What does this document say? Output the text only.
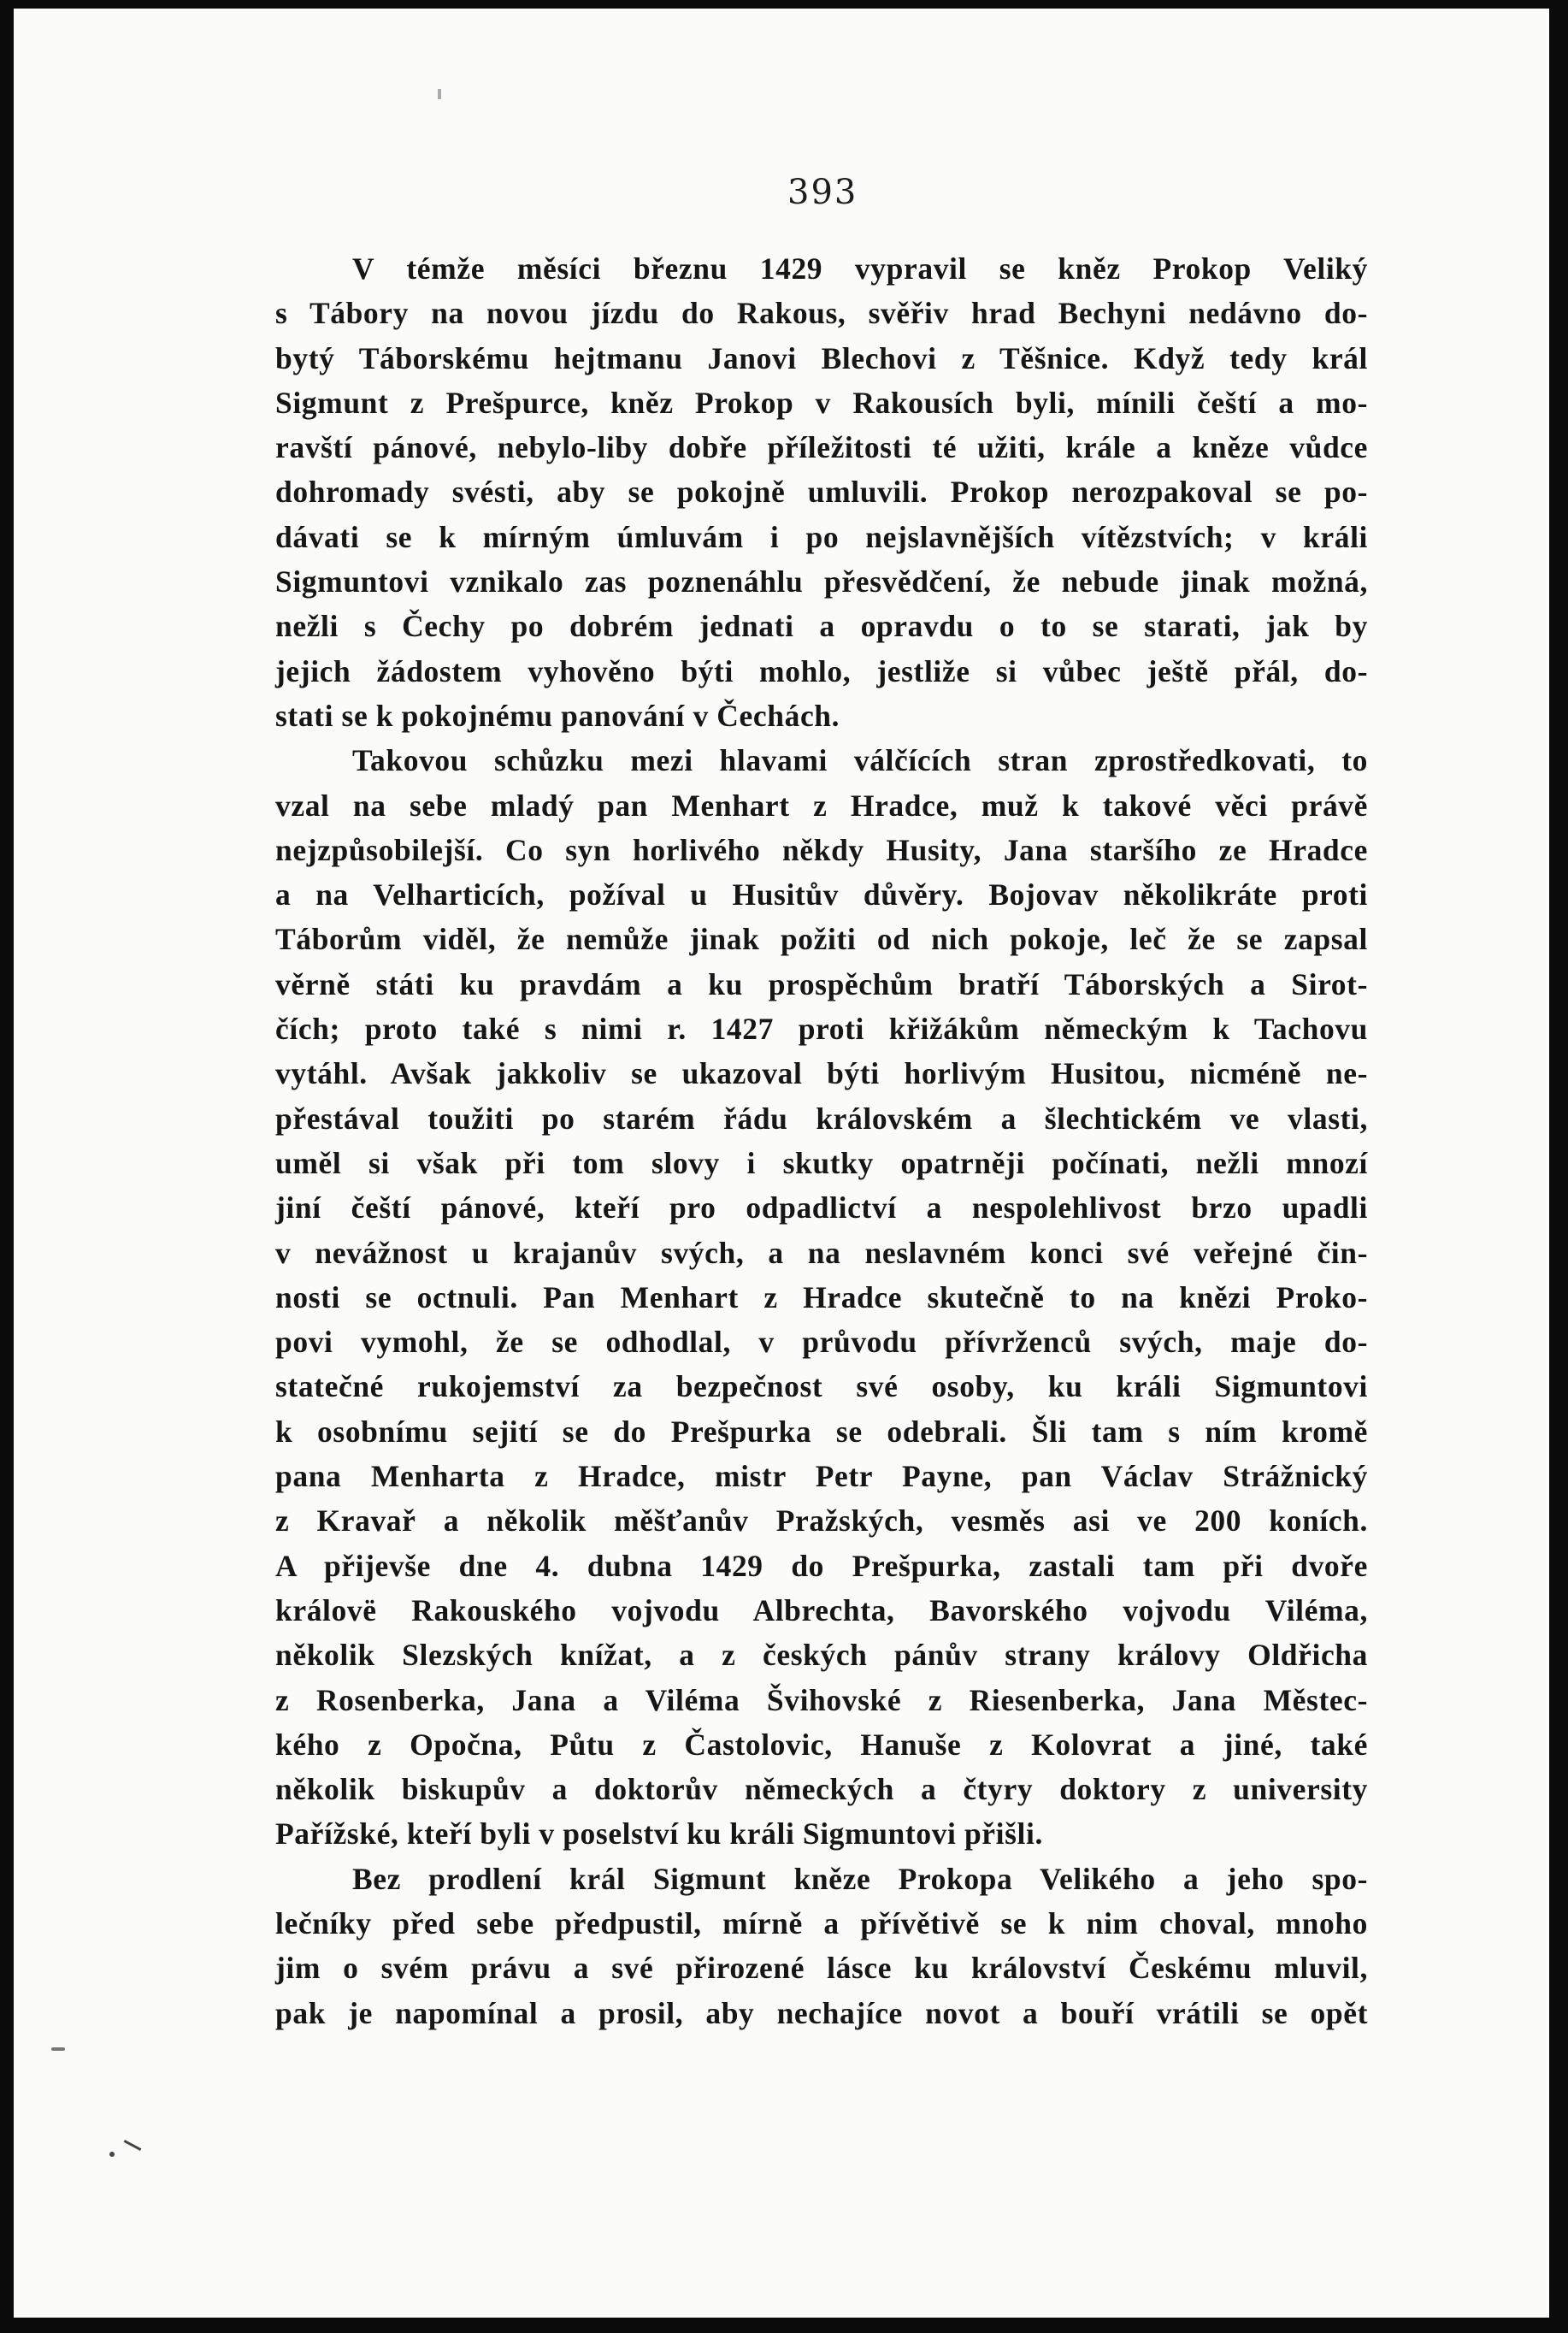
393
V témže měsíci březnu 1429 vypravil se kněz Prokop Veliký
s Tábory na novou jízdu do Rakous, svěřiv hrad Bechyni nedávno do-
bytý Táborskému hejtmanu Janovi Blechovi z Těšnice. Když tedy král
Sigmunt z Prešpurce, kněz Prokop v Rakousích byli, mínili čeští a mo-
ravští pánové, nebylo-liby dobře příležitosti té užiti, krále a kněze vůdce
dohromady svésti, aby se pokojně umluvili. Prokop nerozpakoval se po-
dávati se k mírným úmluvám i po nejslavnějších vítězstvích; v králi
Sigmuntovi vznikalo zas poznenáhlu přesvědčení, že nebude jinak možná,
nežli s Čechy po dobrém jednati a opravdu o to se starati, jak by
jejich žádostem vyhověno býti mohlo, jestliže si vůbec ještě přál, do-
stati se k pokojnému panování v Čechách.
Takovou schůzku mezi hlavami válčících stran zprostředkovati, to
vzal na sebe mladý pan Menhart z Hradce, muž k takové věci právě
nejzpůsobilejší. Co syn horlivého někdy Husity, Jana staršího ze Hradce
a na Velharticích, požíval u Husitův důvěry. Bojovav několikráte proti
Táborům viděl, že nemůže jinak požiti od nich pokoje, leč že se zapsal
věrně státi ku pravdám a ku prospěchům bratří Táborských a Sirot-
čích; proto také s nimi r. 1427 proti křižákům německým k Tachovu
vytáhl. Avšak jakkoliv se ukazoval býti horlivým Husitou, nicméně ne-
přestával toužiti po starém řádu královském a šlechtickém ve vlasti,
uměl si však při tom slovy i skutky opatrněji počínati, nežli mnozí
jiní čeští pánové, kteří pro odpadlictví a nespolehlivost brzo upadli
v nevážnost u krajanův svých, a na neslavném konci své veřejné čin-
nosti se octnuli. Pan Menhart z Hradce skutečně to na knězi Proko-
povi vymohl, že se odhodlal, v průvodu přívrženců svých, maje do-
statečné rukojemství za bezpečnost své osoby, ku králi Sigmuntovi
k osobnímu sejití se do Prešpurka se odebrali. Šli tam s ním kromě
pana Menharta z Hradce, mistr Petr Payne, pan Václav Strážnický
z Kravař a několik měšťanův Pražských, vesměs asi ve 200 koních.
A přijevše dne 4. dubna 1429 do Prešpurka, zastali tam při dvoře
královë Rakouského vojvodu Albrechta, Bavorského vojvodu Viléma,
několik Slezských knížat, a z českých pánův strany královy Oldřicha
z Rosenberka, Jana a Viléma Švihovské z Riesenberka, Jana Městec-
kého z Opočna, Půtu z Častolovic, Hanuše z Kolovrat a jiné, také
několik biskupův a doktorův německých a čtyry doktory z university
Pařížské, kteří byli v poselství ku králi Sigmuntovi přišli.
Bez prodlení král Sigmunt kněze Prokopa Velikého a jeho spo-
lečníky před sebe předpustil, mírně a přívětivě se k nim choval, mnoho
jim o svém právu a své přirozené lásce ku království Českému mluvil,
pak je napomínal a prosil, aby nechajíce novot a bouří vrátili se opět
